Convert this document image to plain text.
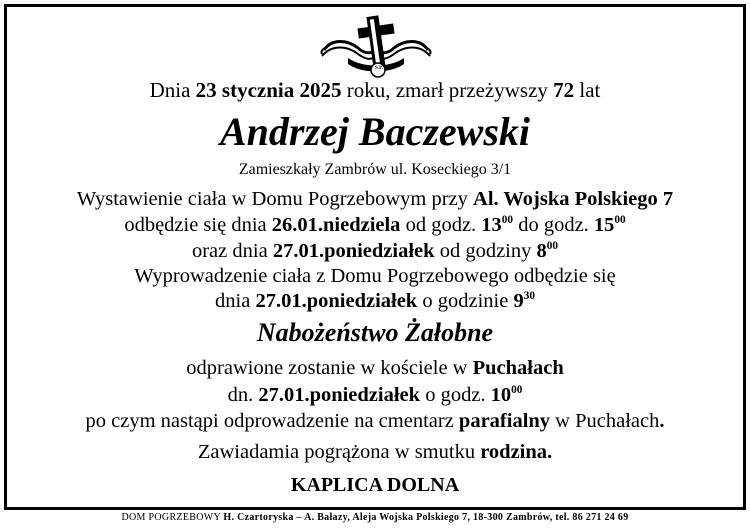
S.P.
Dnia 23 stycznia 2025 roku, zmarł przeżywszy 72 lat
Andrzej Baczewski
Zamieszkały Zambrów ul. Koseckiego 3/1
Wystawienie ciała w Domu Pogrzebowym przy Al. Wojska Polskiego 7
odbędzie się dnia 26.01.niedziela od godz. $13^{00}$ do godz. $15^{00}$
oraz dnia 27.01.poniedziałek od godziny $8^{00}$
Wyprowadzenie ciała z Domu Pogrzebowego odbędzie się
dnia 27.01.poniedziałek o godzinie $9^{30}$
Nabożeństwo Żałobne
odprawione zostanie w kościele w Puchałach
dn. 27.01.poniedziałek o godz. $10^{00}$
po czym nastąpi odprowadzenie na cmentarz parafialny w Puchałach.
Zawiadamia pogrążona w smutku rodzina.
KAPLICA DOLNA
DOM POGRZEBOWY H. Czartoryska – A. Bałazy, Aleja Wojska Polskiego 7, 18-300 Zambrów, tel. 86 271 24 69
